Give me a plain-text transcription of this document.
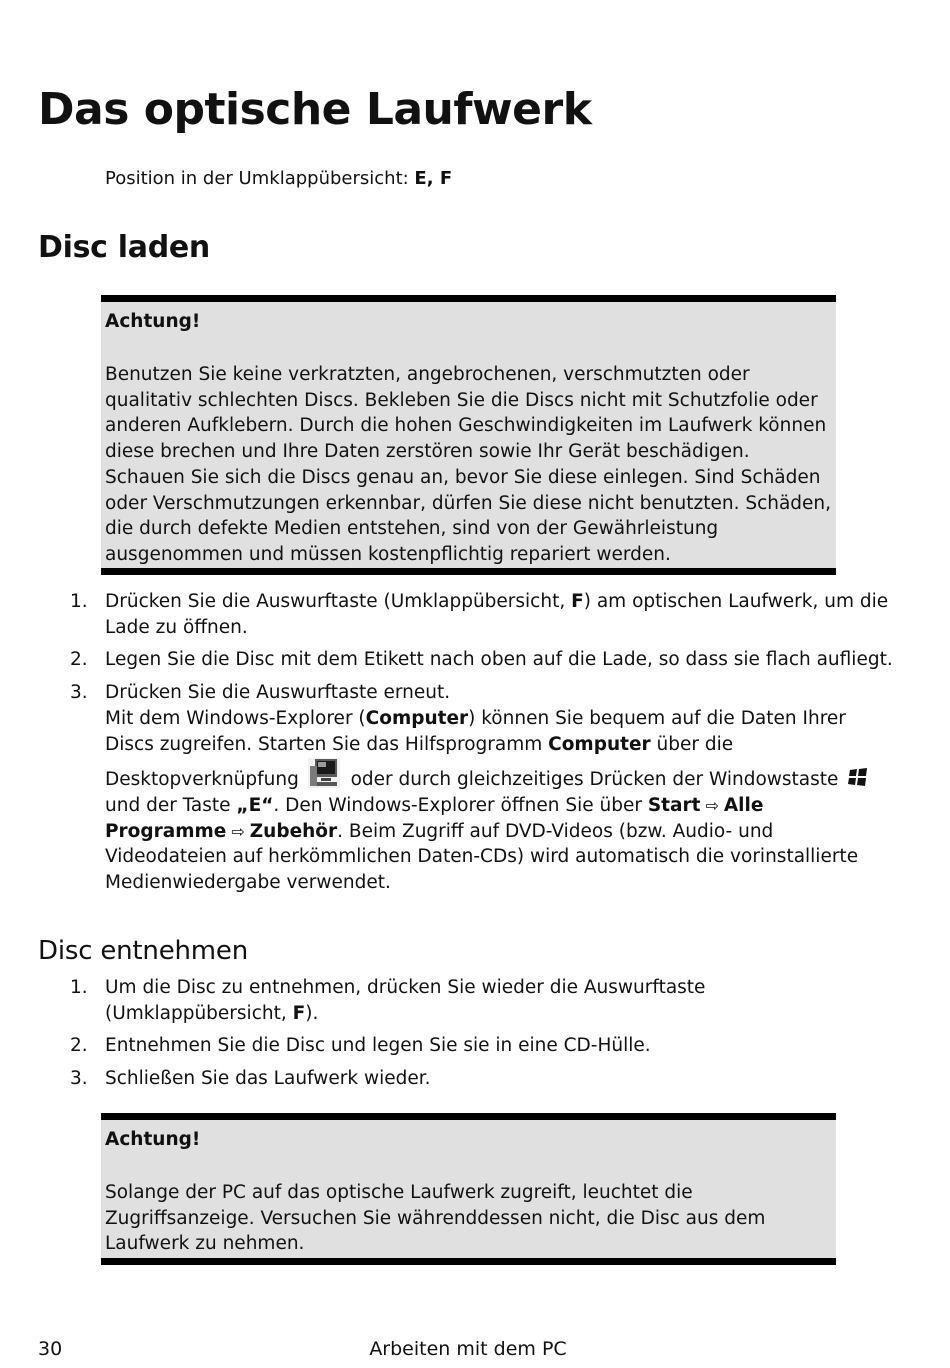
Das optische Laufwerk
Position in der Umklappübersicht: E, F
Disc laden
Achtung!
Benutzen Sie keine verkratzten, angebrochenen, verschmutzten oder qualitativ schlechten Discs. Bekleben Sie die Discs nicht mit Schutzfolie oder anderen Aufklebern. Durch die hohen Geschwindigkeiten im Laufwerk können diese brechen und Ihre Daten zerstören sowie Ihr Gerät beschädigen. Schauen Sie sich die Discs genau an, bevor Sie diese einlegen. Sind Schäden oder Verschmutzungen erkennbar, dürfen Sie diese nicht benutzten. Schäden, die durch defekte Medien entstehen, sind von der Gewährleistung ausgenommen und müssen kostenpflichtig repariert werden.
1. Drücken Sie die Auswurftaste (Umklappübersicht, F) am optischen Laufwerk, um die Lade zu öffnen.
2. Legen Sie die Disc mit dem Etikett nach oben auf die Lade, so dass sie flach aufliegt.
3. Drücken Sie die Auswurftaste erneut.
Mit dem Windows-Explorer (Computer) können Sie bequem auf die Daten Ihrer Discs zugreifen. Starten Sie das Hilfsprogramm Computer über die Desktopverknüpfung  oder durch gleichzeitiges Drücken der Windowstaste  und der Taste „E“. Den Windows-Explorer öffnen Sie über Start ⇨ Alle Programme ⇨ Zubehör. Beim Zugriff auf DVD-Videos (bzw. Audio- und Videodateien auf herkömmlichen Daten-CDs) wird automatisch die vorinstallierte Medienwiedergabe verwendet.
Disc entnehmen
1. Um die Disc zu entnehmen, drücken Sie wieder die Auswurftaste (Umklappübersicht, F).
2. Entnehmen Sie die Disc und legen Sie sie in eine CD-Hülle.
3. Schließen Sie das Laufwerk wieder.
Achtung!
Solange der PC auf das optische Laufwerk zugreift, leuchtet die Zugriffsanzeige. Versuchen Sie währenddessen nicht, die Disc aus dem Laufwerk zu nehmen.
30	Arbeiten mit dem PC
